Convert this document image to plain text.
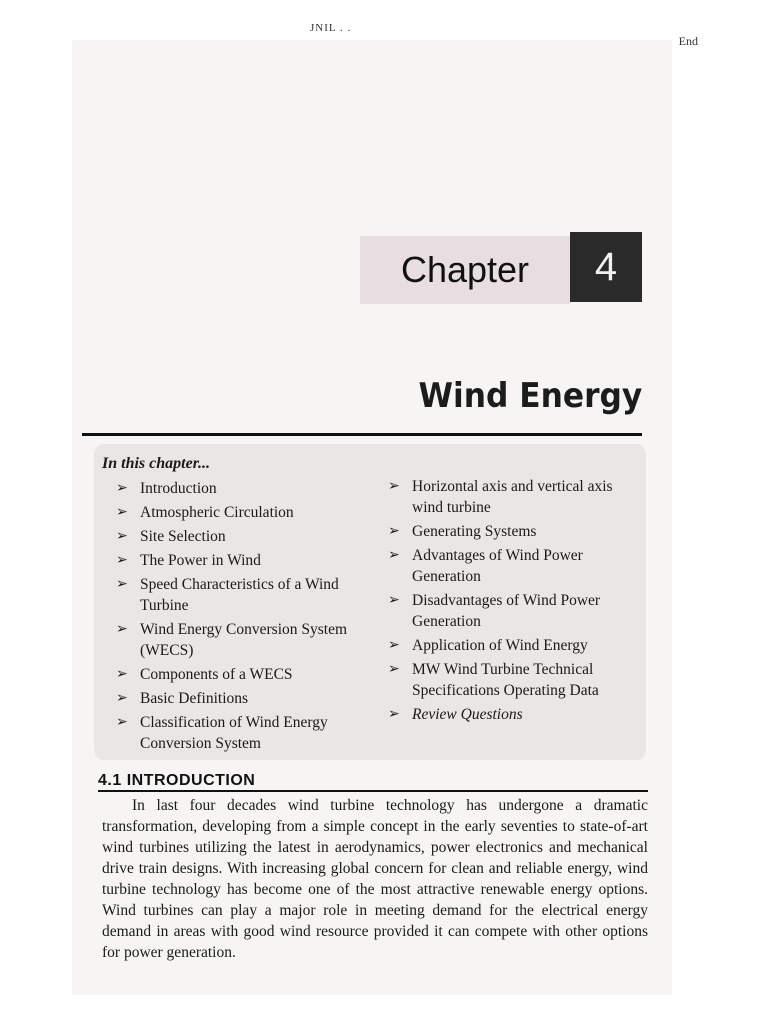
JNIL . .
End
Chapter 4
Wind Energy
In this chapter...
➢ Introduction
➢ Atmospheric Circulation
➢ Site Selection
➢ The Power in Wind
➢ Speed Characteristics of a Wind Turbine
➢ Wind Energy Conversion System (WECS)
➢ Components of a WECS
➢ Basic Definitions
➢ Classification of Wind Energy Conversion System
➢ Horizontal axis and vertical axis wind turbine
➢ Generating Systems
➢ Advantages of Wind Power Generation
➢ Disadvantages of Wind Power Generation
➢ Application of Wind Energy
➢ MW Wind Turbine Technical Specifications Operating Data
➢ Review Questions
4.1 INTRODUCTION

In last four decades wind turbine technology has undergone a dramatic transformation, developing from a simple concept in the early seventies to state-of-art wind turbines utilizing the latest in aerodynamics, power electronics and mechanical drive train designs. With increasing global concern for clean and reliable energy, wind turbine technology has become one of the most attractive renewable energy options. Wind turbines can play a major role in meeting demand for the electrical energy demand in areas with good wind resource provided it can compete with other options for power generation.
